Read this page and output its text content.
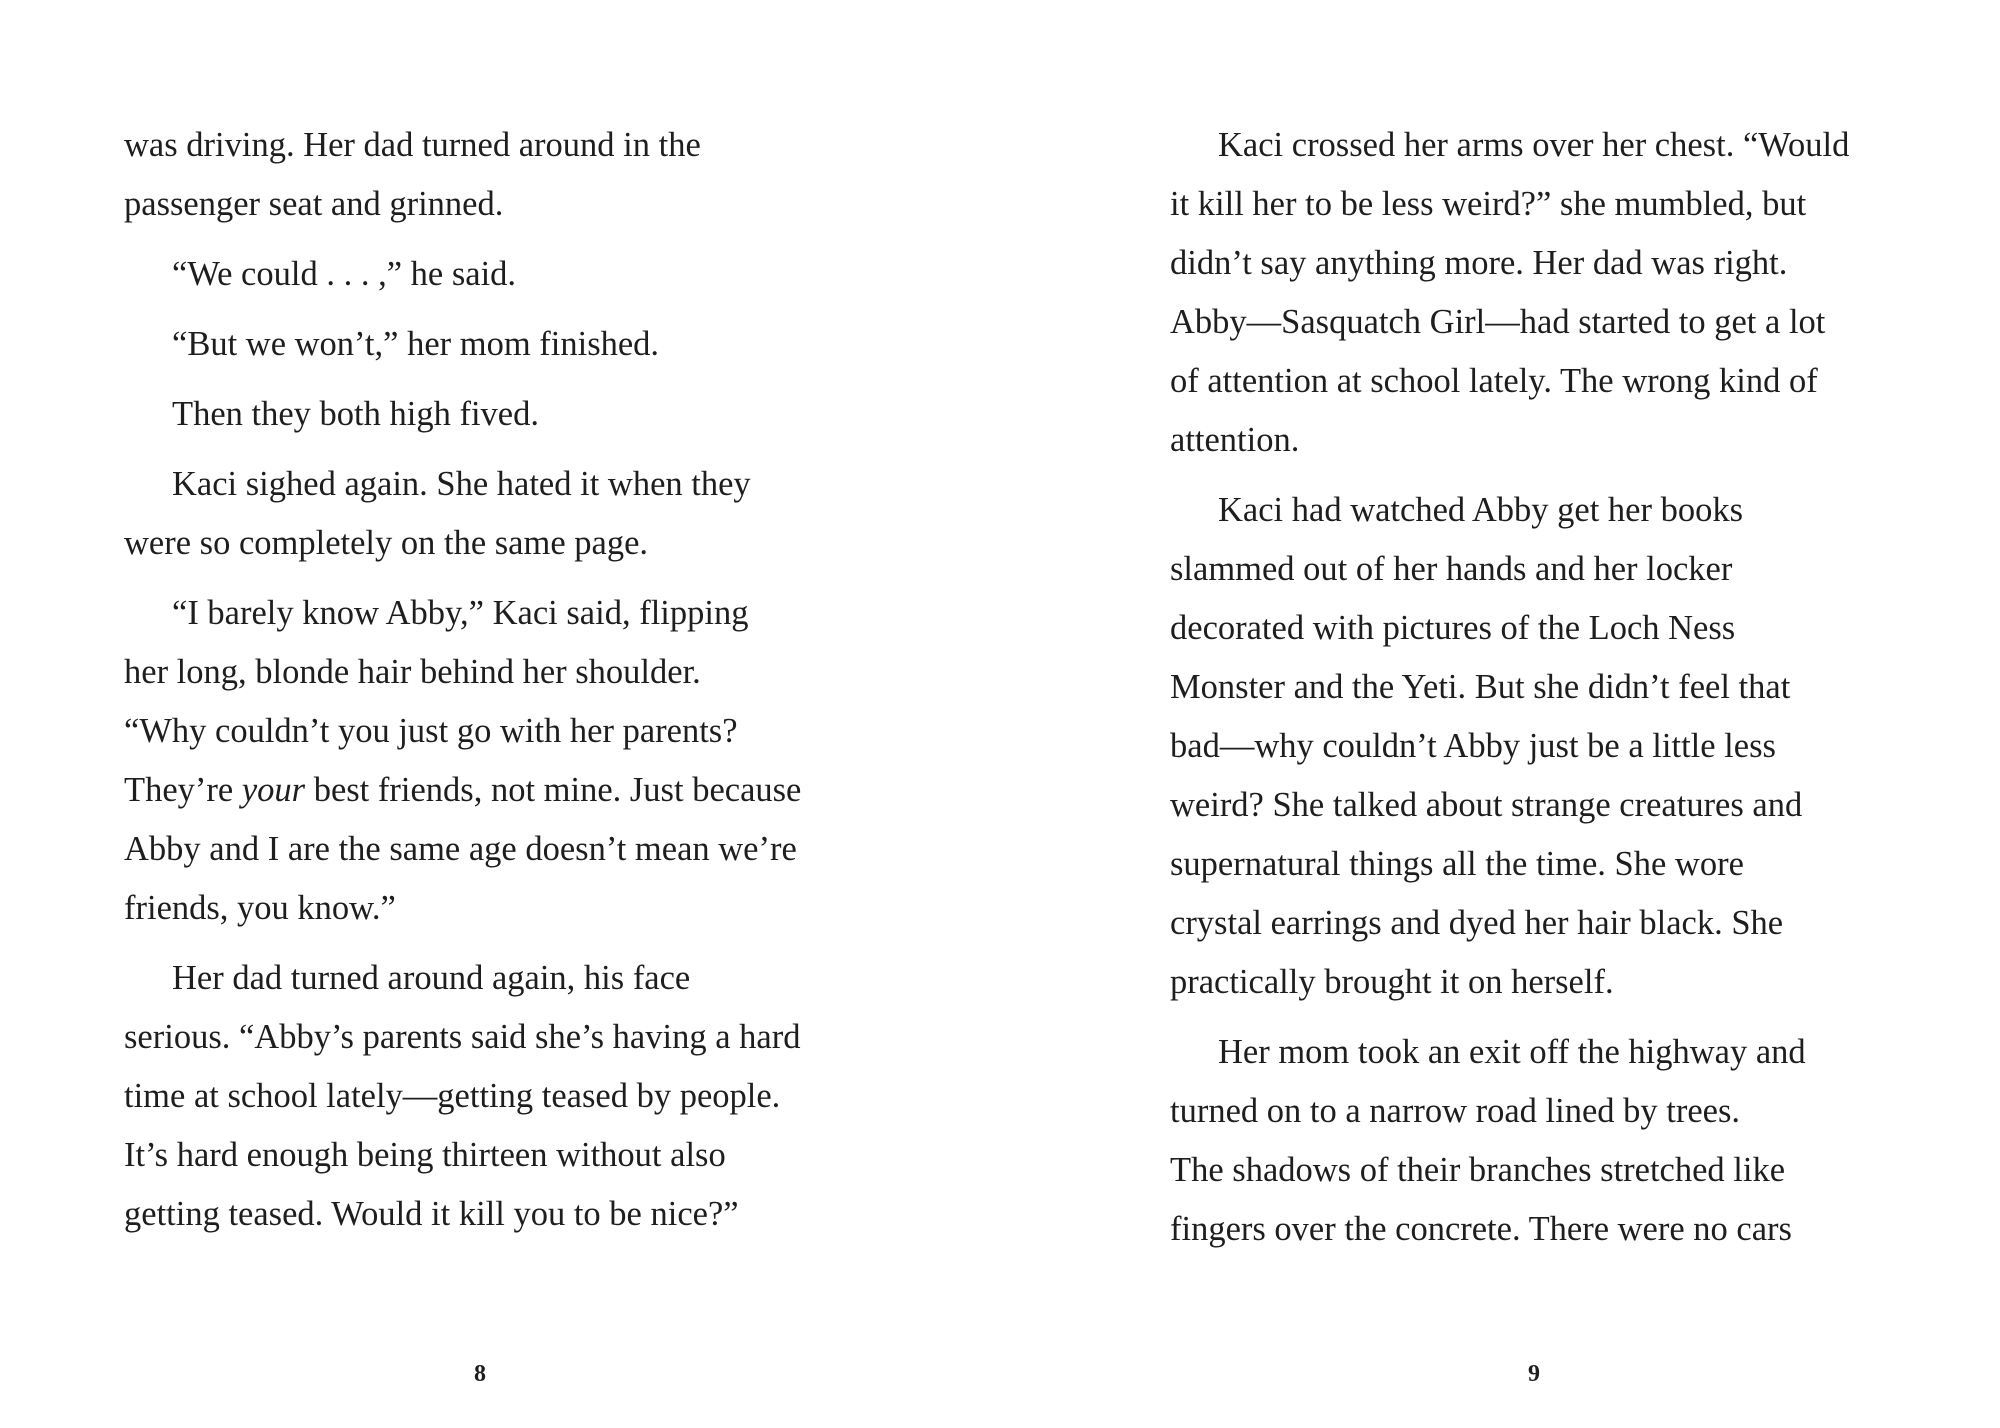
was driving. Her dad turned around in the
passenger seat and grinned.

“We could . . . ,” he said.

“But we won’t,” her mom finished.

Then they both high fived.

Kaci sighed again. She hated it when they
were so completely on the same page.

“I barely know Abby,” Kaci said, flipping
her long, blonde hair behind her shoulder.
“Why couldn’t you just go with her parents?
They’re your best friends, not mine. Just because
Abby and I are the same age doesn’t mean we’re
friends, you know.”

Her dad turned around again, his face
serious. “Abby’s parents said she’s having a hard
time at school lately—getting teased by people.
It’s hard enough being thirteen without also
getting teased. Would it kill you to be nice?”

8

Kaci crossed her arms over her chest. “Would
it kill her to be less weird?” she mumbled, but
didn’t say anything more. Her dad was right.
Abby—Sasquatch Girl—had started to get a lot
of attention at school lately. The wrong kind of
attention.

Kaci had watched Abby get her books
slammed out of her hands and her locker
decorated with pictures of the Loch Ness
Monster and the Yeti. But she didn’t feel that
bad—why couldn’t Abby just be a little less
weird? She talked about strange creatures and
supernatural things all the time. She wore
crystal earrings and dyed her hair black. She
practically brought it on herself.

Her mom took an exit off the highway and
turned on to a narrow road lined by trees.
The shadows of their branches stretched like
fingers over the concrete. There were no cars

9
